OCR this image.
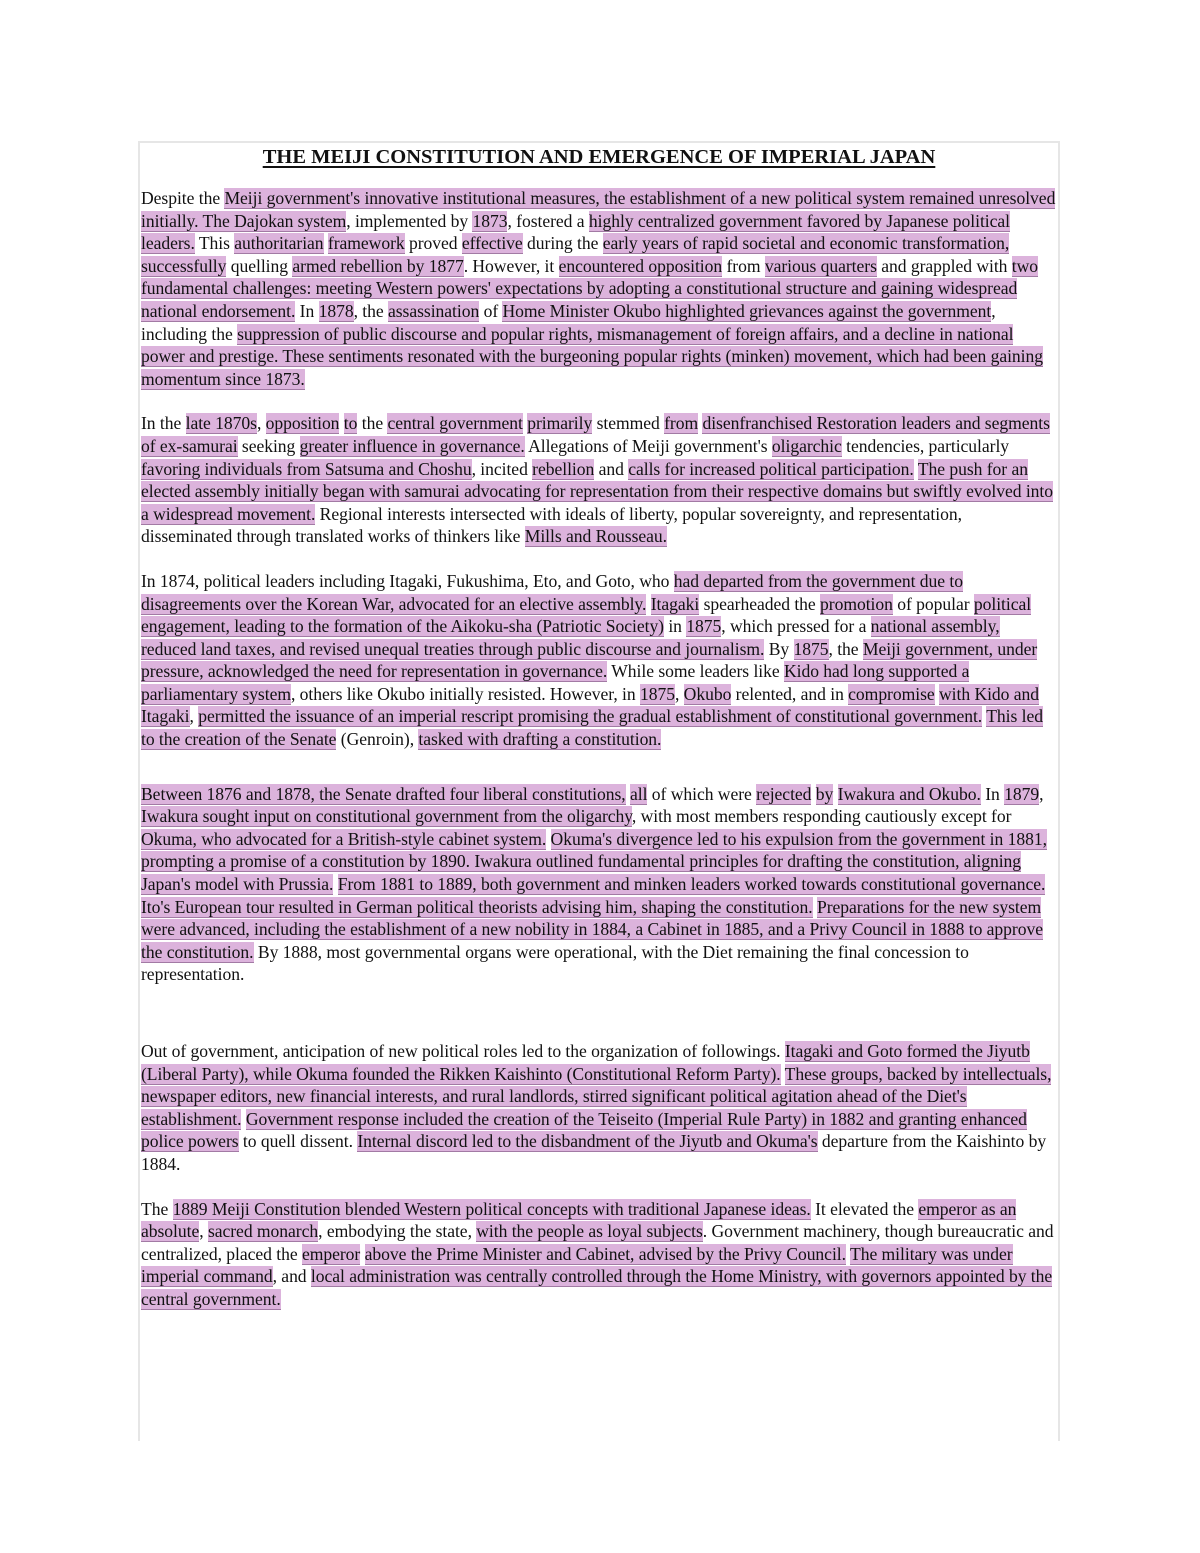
THE MEIJI CONSTITUTION AND EMERGENCE OF IMPERIAL JAPAN

Despite the Meiji government's innovative institutional measures, the establishment of a new political system remained unresolved initially. The Dajokan system, implemented by 1873, fostered a highly centralized government favored by Japanese political leaders. This authoritarian framework proved effective during the early years of rapid societal and economic transformation, successfully quelling armed rebellion by 1877. However, it encountered opposition from various quarters and grappled with two fundamental challenges: meeting Western powers' expectations by adopting a constitutional structure and gaining widespread national endorsement. In 1878, the assassination of Home Minister Okubo highlighted grievances against the government, including the suppression of public discourse and popular rights, mismanagement of foreign affairs, and a decline in national power and prestige. These sentiments resonated with the burgeoning popular rights (minken) movement, which had been gaining momentum since 1873.

In the late 1870s, opposition to the central government primarily stemmed from disenfranchised Restoration leaders and segments of ex-samurai seeking greater influence in governance. Allegations of Meiji government's oligarchic tendencies, particularly favoring individuals from Satsuma and Choshu, incited rebellion and calls for increased political participation. The push for an elected assembly initially began with samurai advocating for representation from their respective domains but swiftly evolved into a widespread movement. Regional interests intersected with ideals of liberty, popular sovereignty, and representation, disseminated through translated works of thinkers like Mills and Rousseau.

In 1874, political leaders including Itagaki, Fukushima, Eto, and Goto, who had departed from the government due to disagreements over the Korean War, advocated for an elective assembly. Itagaki spearheaded the promotion of popular political engagement, leading to the formation of the Aikoku-sha (Patriotic Society) in 1875, which pressed for a national assembly, reduced land taxes, and revised unequal treaties through public discourse and journalism. By 1875, the Meiji government, under pressure, acknowledged the need for representation in governance. While some leaders like Kido had long supported a parliamentary system, others like Okubo initially resisted. However, in 1875, Okubo relented, and in compromise with Kido and Itagaki, permitted the issuance of an imperial rescript promising the gradual establishment of constitutional government. This led to the creation of the Senate (Genroin), tasked with drafting a constitution.

Between 1876 and 1878, the Senate drafted four liberal constitutions, all of which were rejected by Iwakura and Okubo. In 1879, Iwakura sought input on constitutional government from the oligarchy, with most members responding cautiously except for Okuma, who advocated for a British-style cabinet system. Okuma's divergence led to his expulsion from the government in 1881, prompting a promise of a constitution by 1890. Iwakura outlined fundamental principles for drafting the constitution, aligning Japan's model with Prussia. From 1881 to 1889, both government and minken leaders worked towards constitutional governance. Ito's European tour resulted in German political theorists advising him, shaping the constitution. Preparations for the new system were advanced, including the establishment of a new nobility in 1884, a Cabinet in 1885, and a Privy Council in 1888 to approve the constitution. By 1888, most governmental organs were operational, with the Diet remaining the final concession to representation.

Out of government, anticipation of new political roles led to the organization of followings. Itagaki and Goto formed the Jiyutb (Liberal Party), while Okuma founded the Rikken Kaishinto (Constitutional Reform Party). These groups, backed by intellectuals, newspaper editors, new financial interests, and rural landlords, stirred significant political agitation ahead of the Diet's establishment. Government response included the creation of the Teiseito (Imperial Rule Party) in 1882 and granting enhanced police powers to quell dissent. Internal discord led to the disbandment of the Jiyutb and Okuma's departure from the Kaishinto by 1884.

The 1889 Meiji Constitution blended Western political concepts with traditional Japanese ideas. It elevated the emperor as an absolute, sacred monarch, embodying the state, with the people as loyal subjects. Government machinery, though bureaucratic and centralized, placed the emperor above the Prime Minister and Cabinet, advised by the Privy Council. The military was under imperial command, and local administration was centrally controlled through the Home Ministry, with governors appointed by the central government.
